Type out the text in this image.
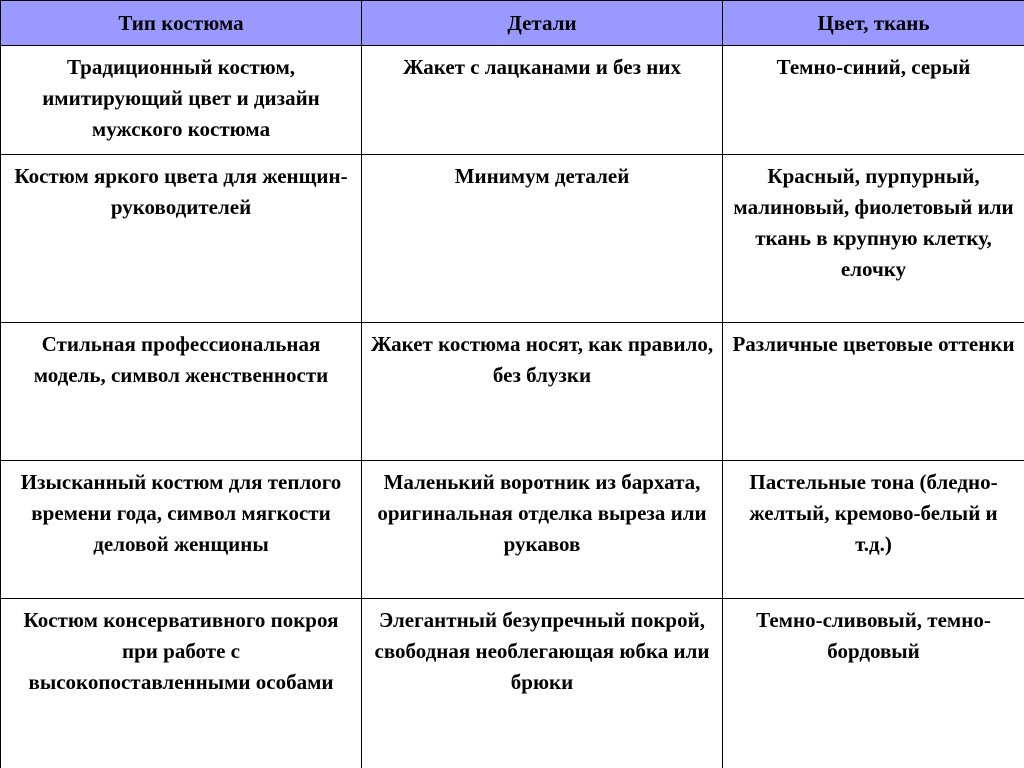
Тип костюма	Детали	Цвет, ткань
Традиционный костюм, имитирующий цвет и дизайн мужского костюма	Жакет с лацканами и без них	Темно-синий, серый
Костюм яркого цвета для женщин-руководителей	Минимум деталей	Красный, пурпурный, малиновый, фиолетовый или ткань в крупную клетку, елочку
Стильная профессиональная модель, символ женственности	Жакет костюма носят, как правило, без блузки	Различные цветовые оттенки
Изысканный костюм для теплого времени года, символ мягкости деловой женщины	Маленький воротник из бархата, оригинальная отделка выреза или рукавов	Пастельные тона (бледно-желтый, кремово-белый и т.д.)
Костюм консервативного покроя при работе с высокопоставленными особами	Элегантный безупречный покрой, свободная необлегающая юбка или брюки	Темно-сливовый, темно-бордовый
